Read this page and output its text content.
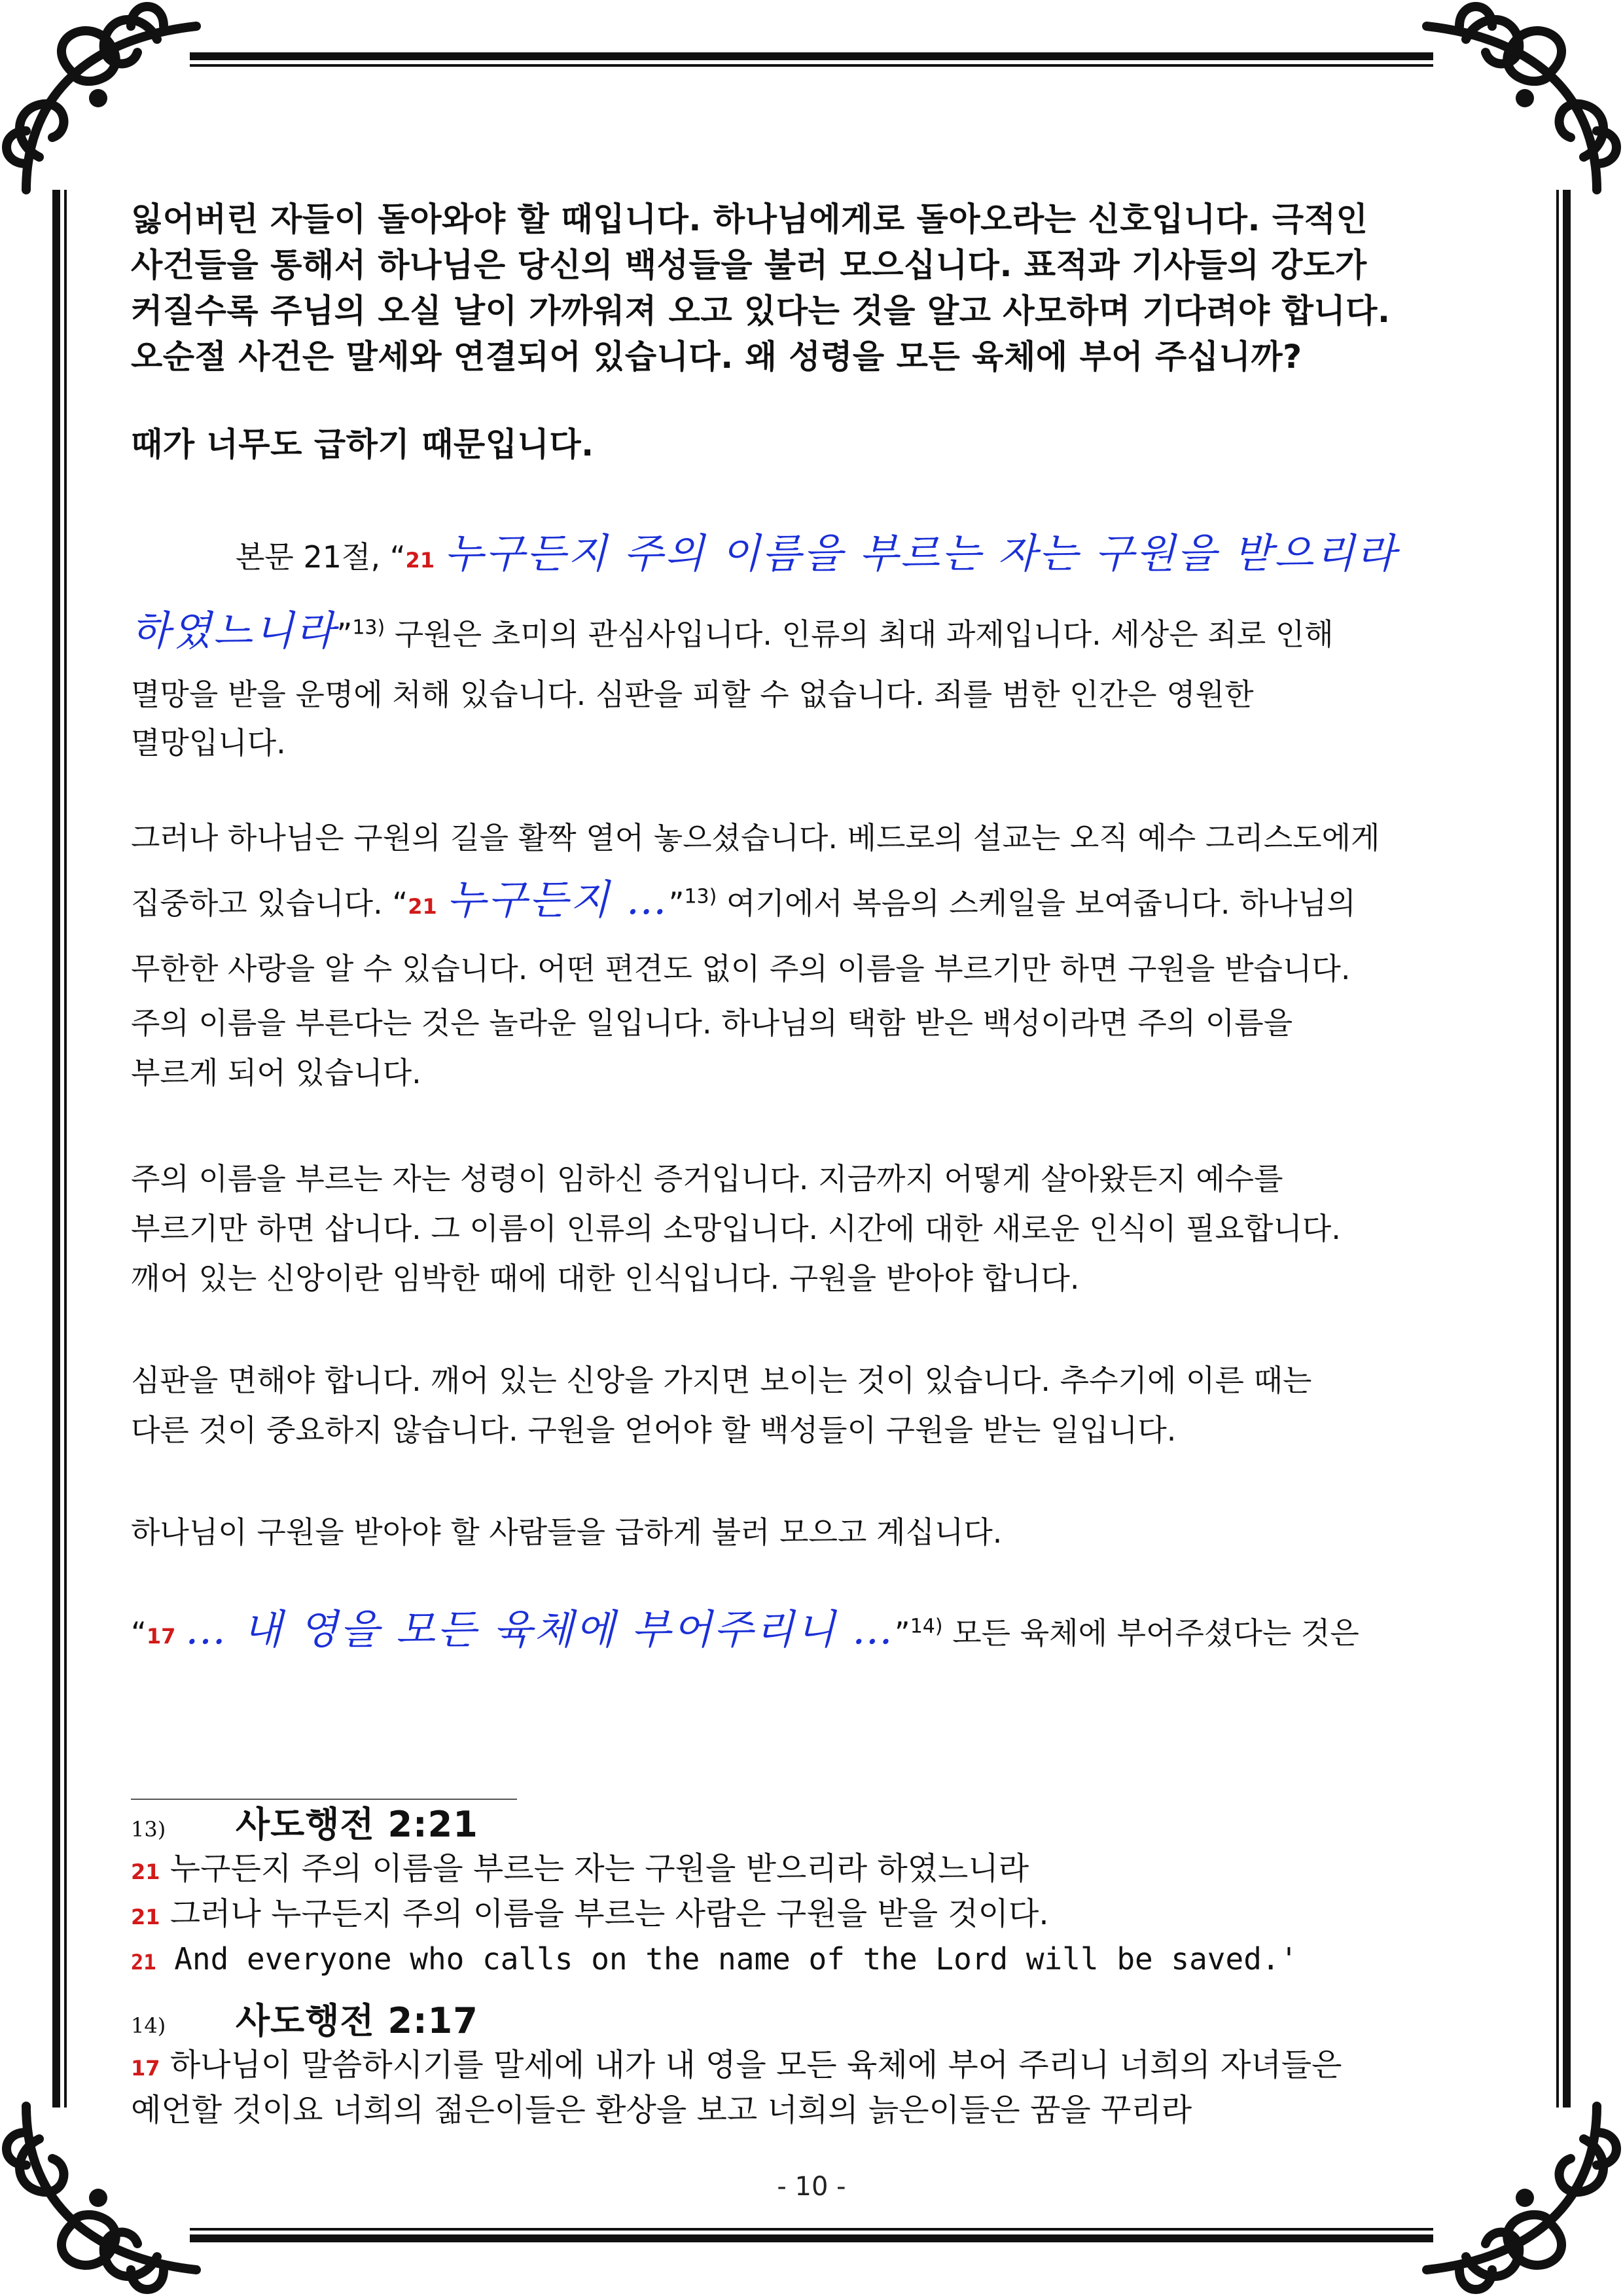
잃어버린 자들이 돌아와야 할 때입니다. 하나님에게로 돌아오라는 신호입니다. 극적인

사건들을 통해서 하나님은 당신의 백성들을 불러 모으십니다. 표적과 기사들의 강도가

커질수록 주님의 오실 날이 가까워져 오고 있다는 것을 알고 사모하며 기다려야 합니다.

오순절 사건은 말세와 연결되어 있습니다. 왜 성령을 모든 육체에 부어 주십니까?

때가 너무도 급하기 때문입니다.

본문 21절, “21 누구든지 주의 이름을 부르는 자는 구원을 받으리라
하였느니라”$^{13)}$ 구원은 초미의 관심사입니다. 인류의 최대 과제입니다. 세상은 죄로 인해
멸망을 받을 운명에 처해 있습니다. 심판을 피할 수 없습니다. 죄를 범한 인간은 영원한
멸망입니다.
그러나 하나님은 구원의 길을 활짝 열어 놓으셨습니다. 베드로의 설교는 오직 예수 그리스도에게
집중하고 있습니다. “21 누구든지 …”$^{13)}$ 여기에서 복음의 스케일을 보여줍니다. 하나님의
무한한 사랑을 알 수 있습니다. 어떤 편견도 없이 주의 이름을 부르기만 하면 구원을 받습니다.
주의 이름을 부른다는 것은 놀라운 일입니다. 하나님의 택함 받은 백성이라면 주의 이름을
부르게 되어 있습니다.
주의 이름을 부르는 자는 성령이 임하신 증거입니다. 지금까지 어떻게 살아왔든지 예수를
부르기만 하면 삽니다. 그 이름이 인류의 소망입니다. 시간에 대한 새로운 인식이 필요합니다.
깨어 있는 신앙이란 임박한 때에 대한 인식입니다. 구원을 받아야 합니다.
심판을 면해야 합니다. 깨어 있는 신앙을 가지면 보이는 것이 있습니다. 추수기에 이른 때는
다른 것이 중요하지 않습니다. 구원을 얻어야 할 백성들이 구원을 받는 일입니다.
하나님이 구원을 받아야 할 사람들을 급하게 불러 모으고 계십니다.
“17 … 내 영을 모든 육체에 부어주리니 …”$^{14)}$ 모든 육체에 부어주셨다는 것은
13) 사도행전 2:21
21 누구든지 주의 이름을 부르는 자는 구원을 받으리라 하였느니라
21 그러나 누구든지 주의 이름을 부르는 사람은 구원을 받을 것이다.
21 And everyone who calls on the name of the Lord will be saved.'
14) 사도행전 2:17
17 하나님이 말씀하시기를 말세에 내가 내 영을 모든 육체에 부어 주리니 너희의 자녀들은
예언할 것이요 너희의 젊은이들은 환상을 보고 너희의 늙은이들은 꿈을 꾸리라
- 10 -
